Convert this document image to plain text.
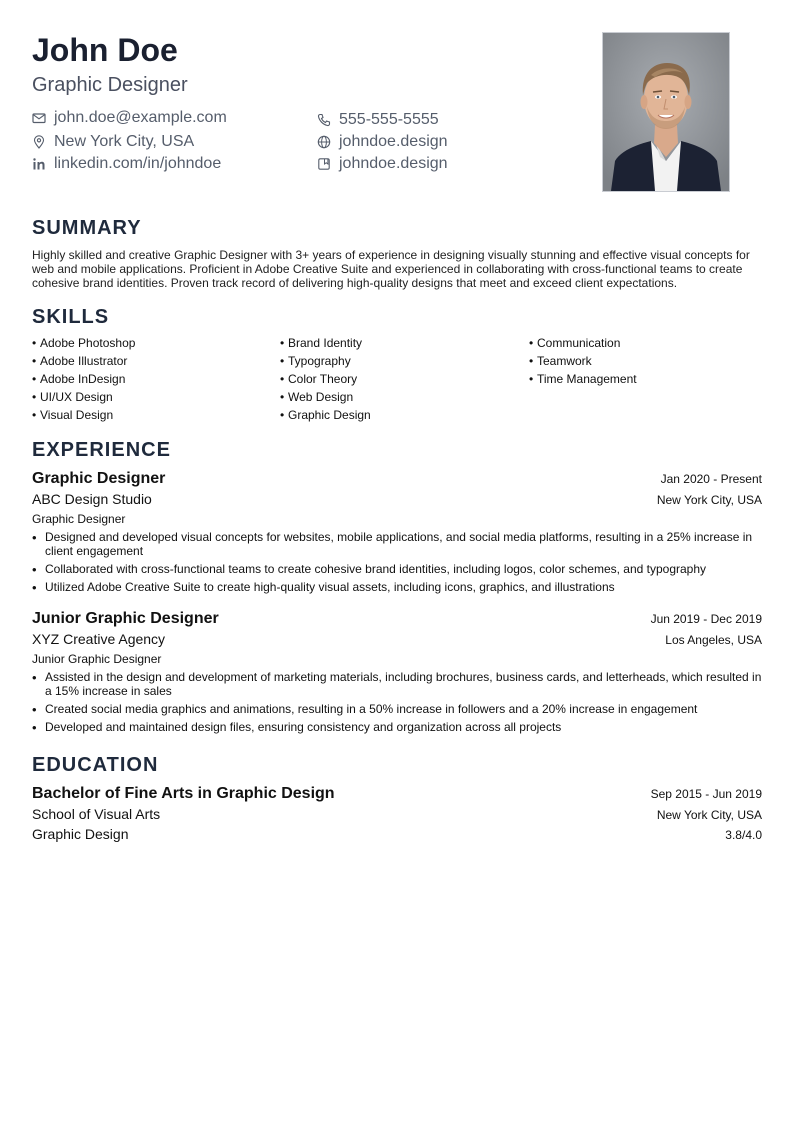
John Doe
Graphic Designer
john.doe@example.com	555-555-5555
New York City, USA	johndoe.design
linkedin.com/in/johndoe	johndoe.design
SUMMARY
Highly skilled and creative Graphic Designer with 3+ years of experience in designing visually stunning and effective visual concepts for web and mobile applications. Proficient in Adobe Creative Suite and experienced in collaborating with cross-functional teams to create cohesive brand identities. Proven track record of delivering high-quality designs that meet and exceed client expectations.
SKILLS
• Adobe Photoshop
• Adobe Illustrator
• Adobe InDesign
• UI/UX Design
• Visual Design
• Brand Identity
• Typography
• Color Theory
• Web Design
• Graphic Design
• Communication
• Teamwork
• Time Management
EXPERIENCE
Graphic Designer	Jan 2020 - Present
ABC Design Studio	New York City, USA
Graphic Designer
• Designed and developed visual concepts for websites, mobile applications, and social media platforms, resulting in a 25% increase in client engagement
• Collaborated with cross-functional teams to create cohesive brand identities, including logos, color schemes, and typography
• Utilized Adobe Creative Suite to create high-quality visual assets, including icons, graphics, and illustrations
Junior Graphic Designer	Jun 2019 - Dec 2019
XYZ Creative Agency	Los Angeles, USA
Junior Graphic Designer
• Assisted in the design and development of marketing materials, including brochures, business cards, and letterheads, which resulted in a 15% increase in sales
• Created social media graphics and animations, resulting in a 50% increase in followers and a 20% increase in engagement
• Developed and maintained design files, ensuring consistency and organization across all projects
EDUCATION
Bachelor of Fine Arts in Graphic Design	Sep 2015 - Jun 2019
School of Visual Arts	New York City, USA
Graphic Design	3.8/4.0
